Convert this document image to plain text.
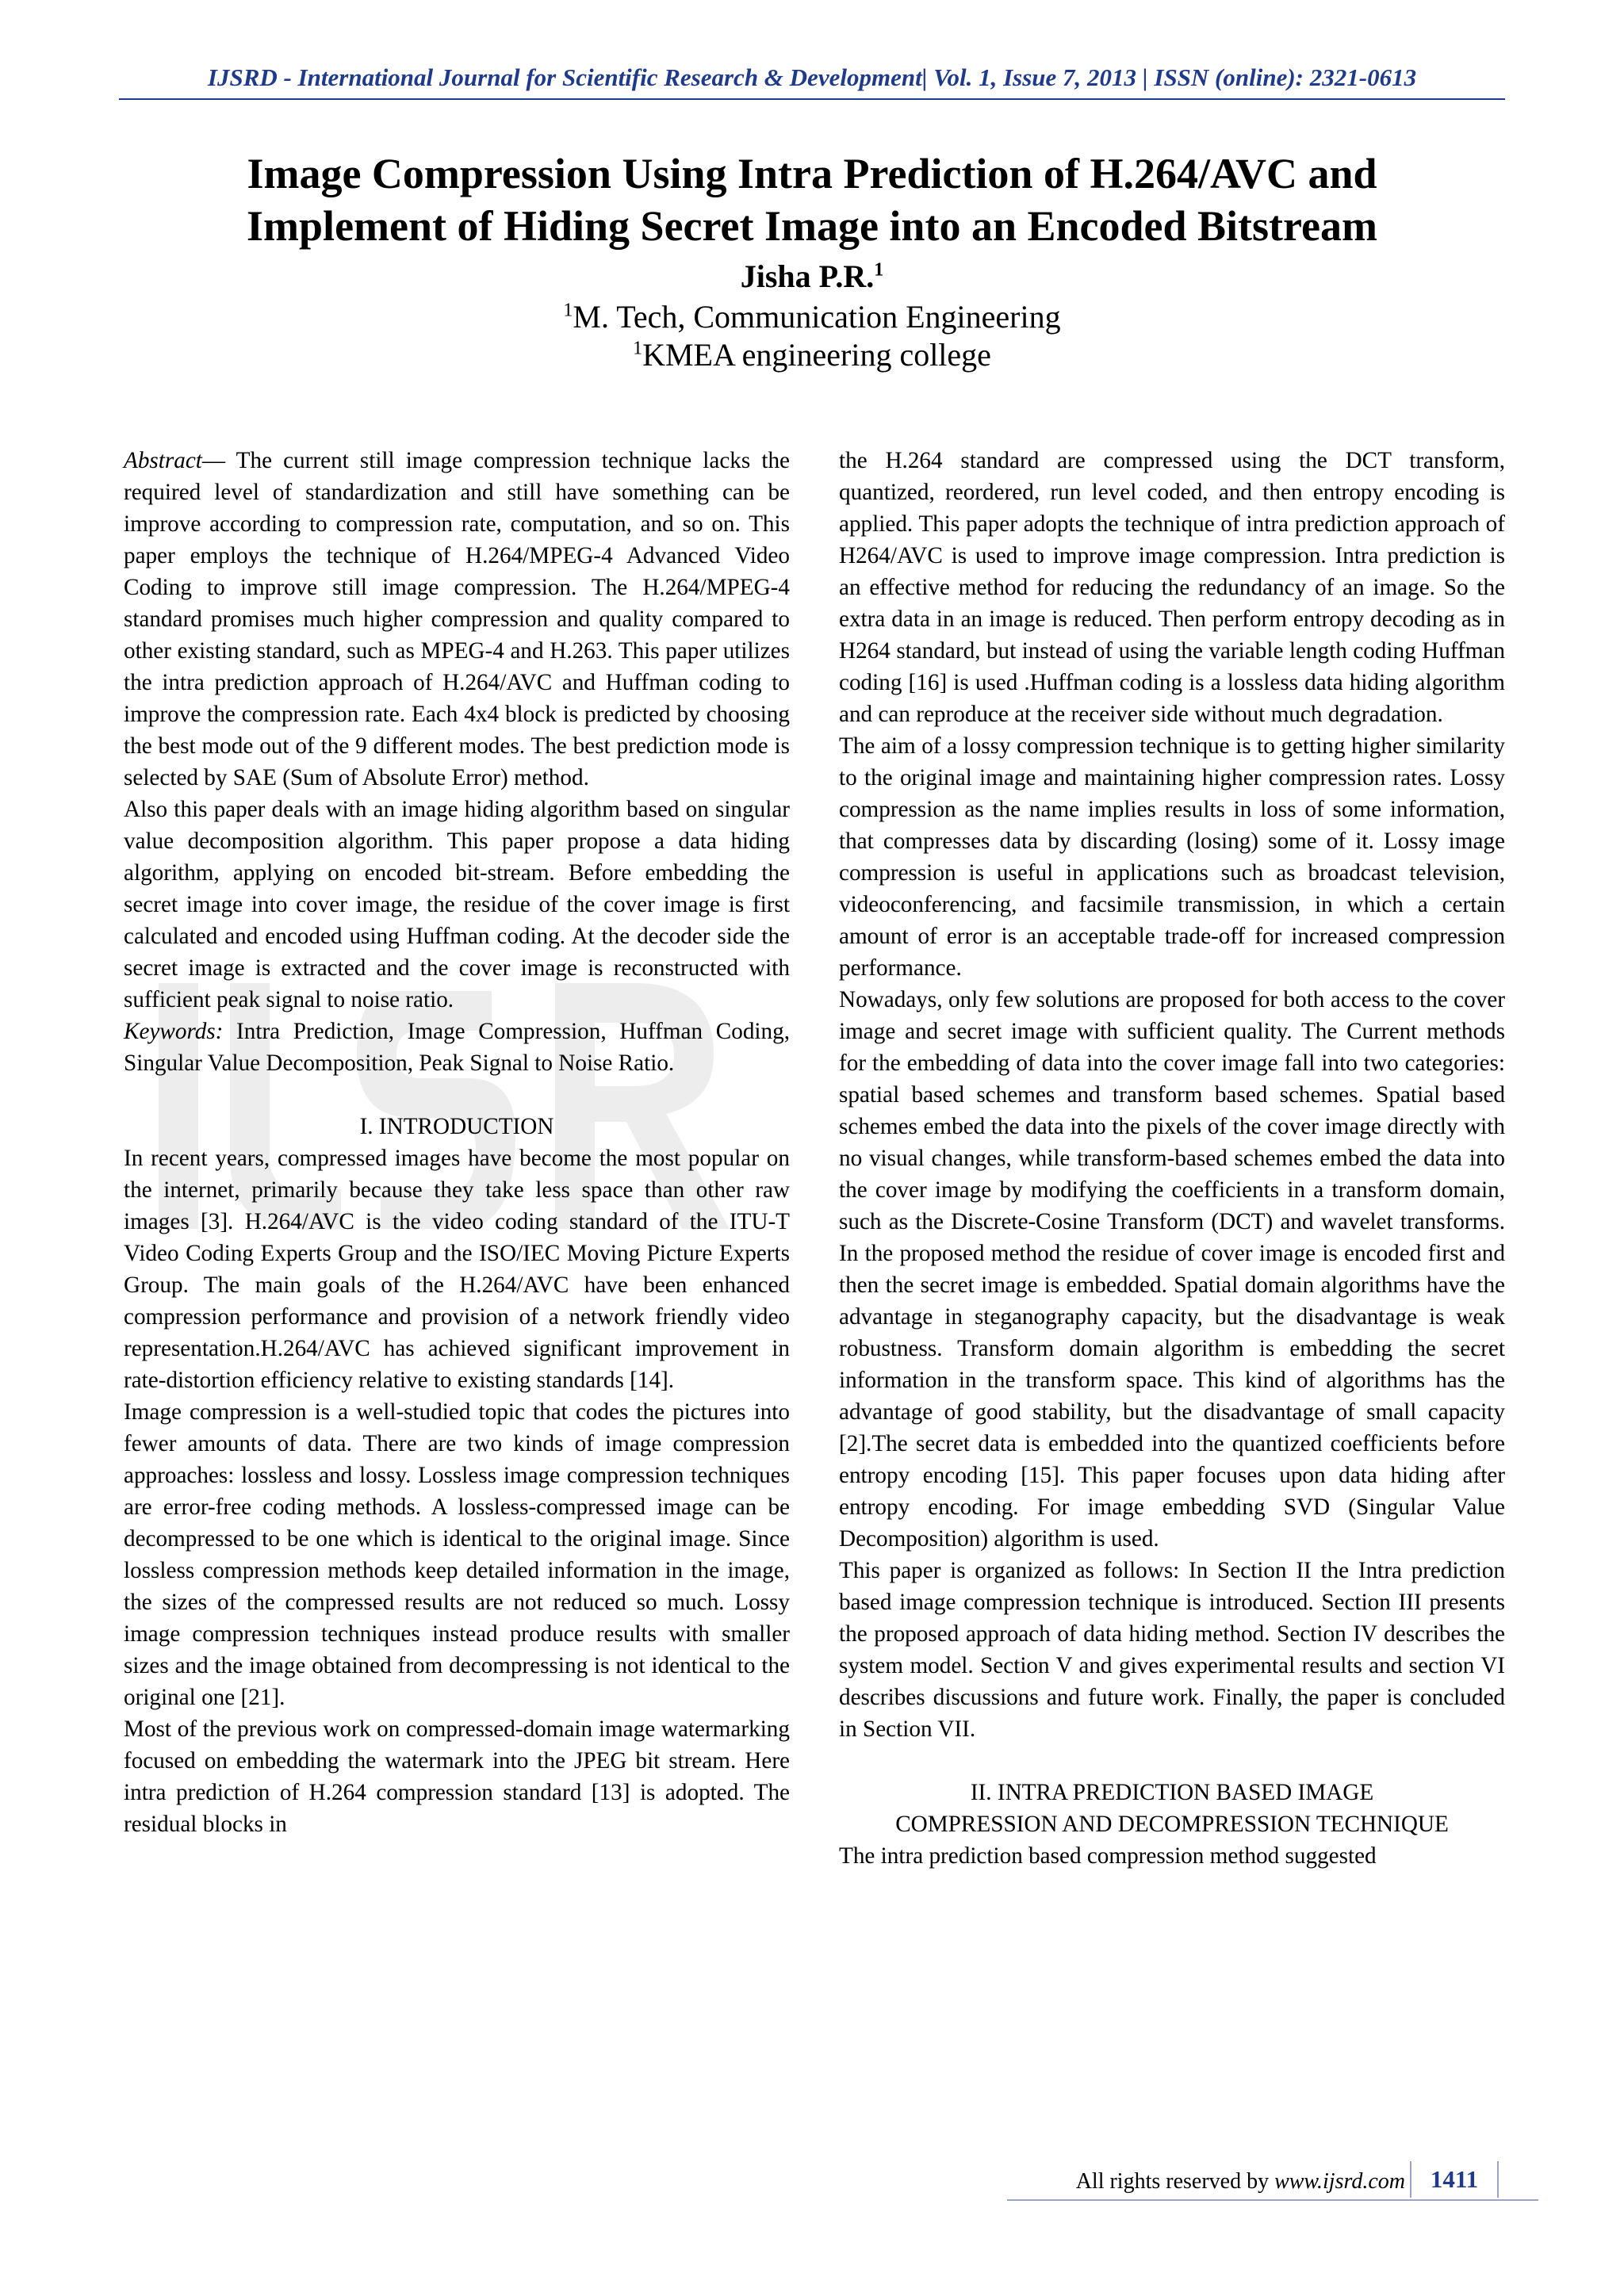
IJSRD - International Journal for Scientific Research & Development| Vol. 1, Issue 7, 2013 | ISSN (online): 2321-0613
Image Compression Using Intra Prediction of H.264/AVC and
Implement of Hiding Secret Image into an Encoded Bitstream
Jisha P.R.$^1$
$^1$M. Tech, Communication Engineering
$^1$KMEA engineering college

Abstract— The current still image compression technique lacks the required level of standardization and still have something can be improve according to compression rate, computation, and so on. This paper employs the technique of H.264/MPEG-4 Advanced Video Coding to improve still image compression. The H.264/MPEG-4 standard promises much higher compression and quality compared to other existing standard, such as MPEG-4 and H.263. This paper utilizes the intra prediction approach of H.264/AVC and Huffman coding to improve the compression rate. Each 4x4 block is predicted by choosing the best mode out of the 9 different modes. The best prediction mode is selected by SAE (Sum of Absolute Error) method.

Also this paper deals with an image hiding algorithm based on singular value decomposition algorithm. This paper propose a data hiding algorithm, applying on encoded bit-stream. Before embedding the secret image into cover image, the residue of the cover image is first calculated and encoded using Huffman coding. At the decoder side the secret image is extracted and the cover image is reconstructed with sufficient peak signal to noise ratio.

Keywords: Intra Prediction, Image Compression, Huffman Coding, Singular Value Decomposition, Peak Signal to Noise Ratio.

I. INTRODUCTION

In recent years, compressed images have become the most popular on the internet, primarily because they take less space than other raw images [3]. H.264/AVC is the video coding standard of the ITU-T Video Coding Experts Group and the ISO/IEC Moving Picture Experts Group. The main goals of the H.264/AVC have been enhanced compression performance and provision of a network friendly video representation.H.264/AVC has achieved significant improvement in rate-distortion efficiency relative to existing standards [14].

Image compression is a well-studied topic that codes the pictures into fewer amounts of data. There are two kinds of image compression approaches: lossless and lossy. Lossless image compression techniques are error-free coding methods. A lossless-compressed image can be decompressed to be one which is identical to the original image. Since lossless compression methods keep detailed information in the image, the sizes of the compressed results are not reduced so much. Lossy image compression techniques instead produce results with smaller sizes and the image obtained from decompressing is not identical to the original one [21].

Most of the previous work on compressed-domain image watermarking focused on embedding the watermark into the JPEG bit stream. Here intra prediction of H.264 compression standard [13] is adopted. The residual blocks in

the H.264 standard are compressed using the DCT transform, quantized, reordered, run level coded, and then entropy encoding is applied. This paper adopts the technique of intra prediction approach of H264/AVC is used to improve image compression. Intra prediction is an effective method for reducing the redundancy of an image. So the extra data in an image is reduced. Then perform entropy decoding as in H264 standard, but instead of using the variable length coding Huffman coding [16] is used .Huffman coding is a lossless data hiding algorithm and can reproduce at the receiver side without much degradation.

The aim of a lossy compression technique is to getting higher similarity to the original image and maintaining higher compression rates. Lossy compression as the name implies results in loss of some information, that compresses data by discarding (losing) some of it. Lossy image compression is useful in applications such as broadcast television, videoconferencing, and facsimile transmission, in which a certain amount of error is an acceptable trade-off for increased compression performance.

Nowadays, only few solutions are proposed for both access to the cover image and secret image with sufficient quality. The Current methods for the embedding of data into the cover image fall into two categories: spatial based schemes and transform based schemes. Spatial based schemes embed the data into the pixels of the cover image directly with no visual changes, while transform-based schemes embed the data into the cover image by modifying the coefficients in a transform domain, such as the Discrete-Cosine Transform (DCT) and wavelet transforms. In the proposed method the residue of cover image is encoded first and then the secret image is embedded. Spatial domain algorithms have the advantage in steganography capacity, but the disadvantage is weak robustness. Transform domain algorithm is embedding the secret information in the transform space. This kind of algorithms has the advantage of good stability, but the disadvantage of small capacity [2].The secret data is embedded into the quantized coefficients before entropy encoding [15]. This paper focuses upon data hiding after entropy encoding. For image embedding SVD (Singular Value Decomposition) algorithm is used.

This paper is organized as follows: In Section II the Intra prediction based image compression technique is introduced. Section III presents the proposed approach of data hiding method. Section IV describes the system model. Section V and gives experimental results and section VI describes discussions and future work. Finally, the paper is concluded in Section VII.

II. INTRA PREDICTION BASED IMAGE

COMPRESSION AND DECOMPRESSION TECHNIQUE

The intra prediction based compression method suggested

All rights reserved by www.ijsrd.com	1411
